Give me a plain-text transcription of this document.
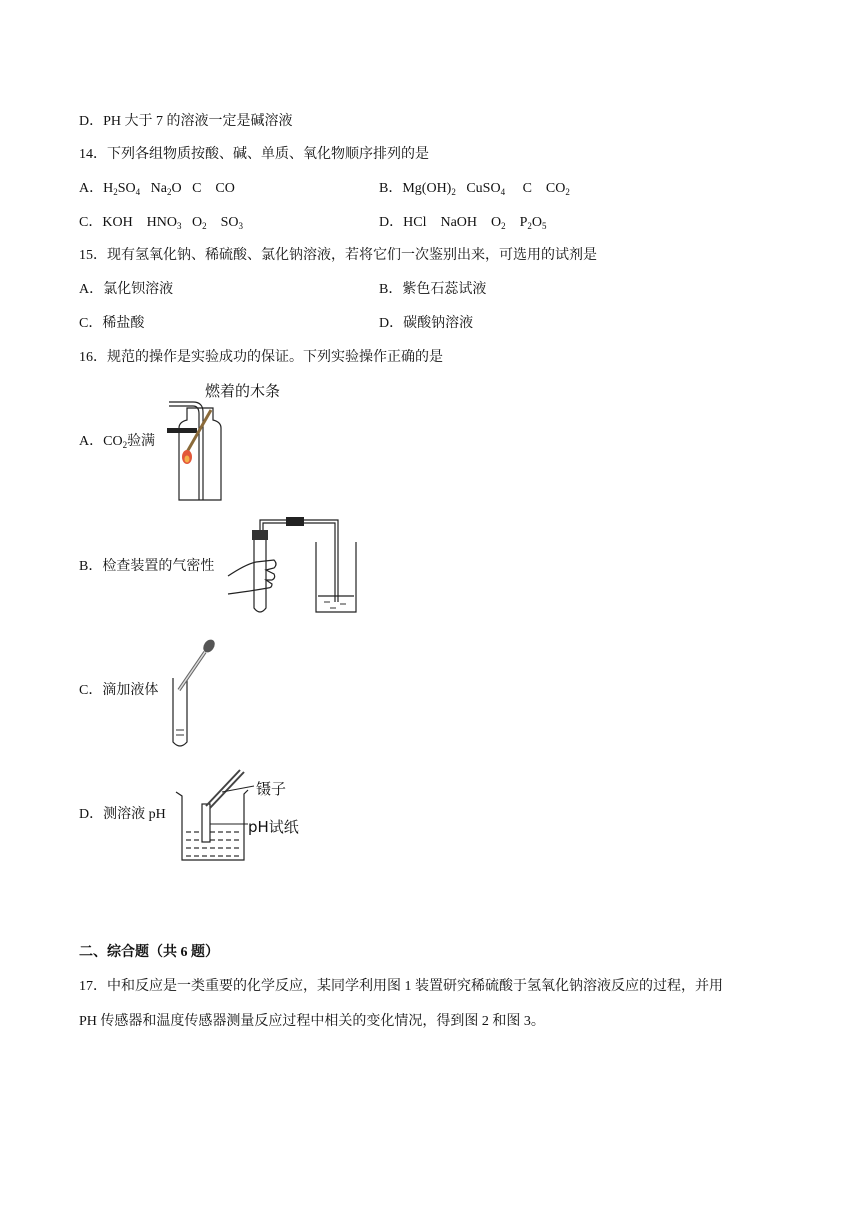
D．PH 大于 7 的溶液一定是碱溶液
14．下列各组物质按酸、碱、单质、氧化物顺序排列的是
A．$H_2SO_4$   $Na_2O$   C    CO	B．$Mg(OH)_2$   CuSO$_4$     C    $CO_2$
C．KOH    $HNO_3$   $O_2$    $SO_3$	D．HCl    NaOH    $O_2$    $P_2O_5$
15．现有氢氧化钠、稀硫酸、氯化钠溶液，若将它们一次鉴别出来，可选用的试剂是
A．氯化钡溶液	B．紫色石蕊试液
C．稀盐酸	D．碳酸钠溶液
16．规范的操作是实验成功的保证。下列实验操作正确的是
A．$CO_2$验满
燃着的木条
B．检查装置的气密性
C．滴加液体
D．测溶液 pH
镊子
pH试纸
二、综合题（共 6 题）
17．中和反应是一类重要的化学反应，某同学利用图 1 装置研究稀硫酸于氢氧化钠溶液反应的过程，并用
PH 传感器和温度传感器测量反应过程中相关的变化情况，得到图 2 和图 3。
